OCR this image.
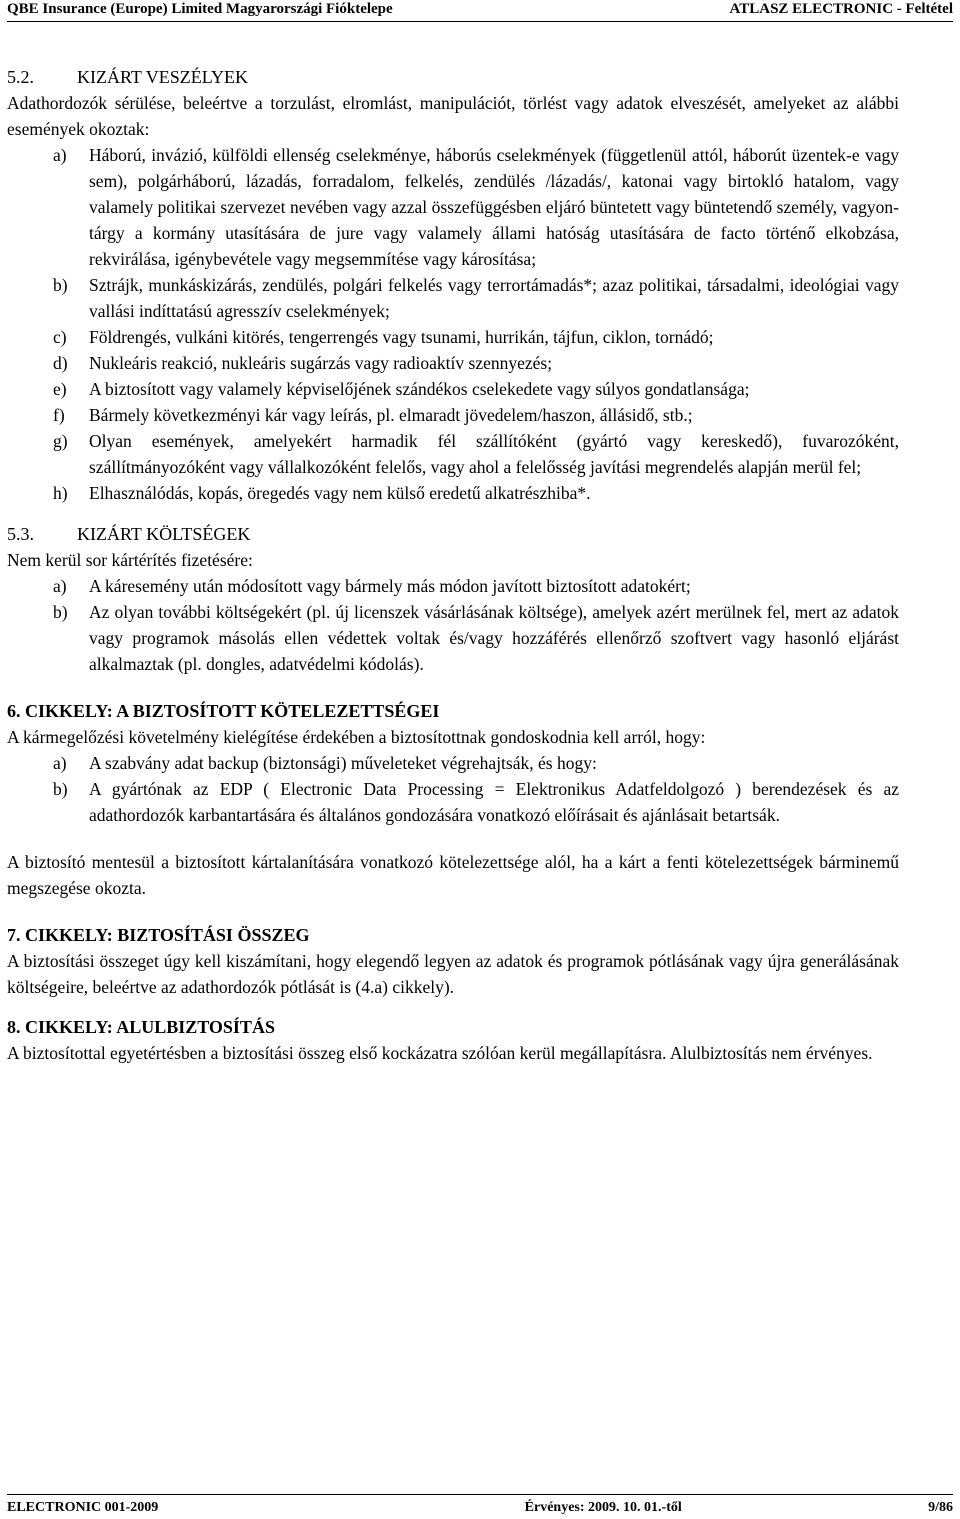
QBE Insurance (Europe) Limited Magyarországi Fióktelepe	ATLASZ ELECTRONIC - Feltétel
5.2.	KIZÁRT VESZÉLYEK

Adathordozók sérülése, beleértve a torzulást, elromlást, manipulációt, törlést vagy adatok elveszését, amelyeket az alábbi események okoztak:

a) Háború, invázió, külföldi ellenség cselekménye, háborús cselekmények (függetlenül attól, háborút üzentek-e vagy sem), polgárháború, lázadás, forradalom, felkelés, zendülés /lázadás/, katonai vagy birtokló hatalom, vagy valamely politikai szervezet nevében vagy azzal összefüggésben eljáró büntetett vagy büntetendő személy, vagyon- tárgy a kormány utasítására de jure vagy valamely állami hatóság utasítására de facto történő elkobzása, rekvirálása, igénybevétele vagy megsemmítése vagy károsítása;
b) Sztrájk, munkáskizárás, zendülés, polgári felkelés vagy terrortámadás*; azaz politikai, társadalmi, ideológiai vagy vallási indíttatású agresszív cselekmények;
c) Földrengés, vulkáni kitörés, tengerrengés vagy tsunami, hurrikán, tájfun, ciklon, tornádó;
d) Nukleáris reakció, nukleáris sugárzás vagy radioaktív szennyezés;
e) A biztosított vagy valamely képviselőjének szándékos cselekedete vagy súlyos gondatlansága;
f) Bármely következményi kár vagy leírás, pl. elmaradt jövedelem/haszon, állásidő, stb.;
g) Olyan események, amelyekért harmadik fél szállítóként (gyártó vagy kereskedő), fuvarozóként, szállítmányozóként vagy vállalkozóként felelős, vagy ahol a felelősség javítási megrendelés alapján merül fel;
h) Elhasználódás, kopás, öregedés vagy nem külső eredetű alkatrészhiba*.
5.3.	KIZÁRT KÖLTSÉGEK

Nem kerül sor kártérítés fizetésére:

a) A káresemény után módosított vagy bármely más módon javított biztosított adatokért;
b) Az olyan további költségekért (pl. új licenszek vásárlásának költsége), amelyek azért merülnek fel, mert az adatok vagy programok másolás ellen védettek voltak és/vagy hozzáférés ellenőrző szoftvert vagy hasonló eljárást alkalmaztak (pl. dongles, adatvédelmi kódolás).
6. CIKKELY: A BIZTOSÍTOTT KÖTELEZETTSÉGEI

A kármegelőzési követelmény kielégítése érdekében a biztosítottnak gondoskodnia kell arról, hogy:

a) A szabvány adat backup (biztonsági) műveleteket végrehajtsák, és hogy:
b) A gyártónak az EDP ( Electronic Data Processing = Elektronikus Adatfeldolgozó ) berendezések és az adathordozók karbantartására és általános gondozására vonatkozó előírásait és ajánlásait betartsák.

A biztosító mentesül a biztosított kártalanítására vonatkozó kötelezettsége alól, ha a kárt a fenti kötelezettségek bárminemű megszegése okozta.

7. CIKKELY: BIZTOSÍTÁSI ÖSSZEG

A biztosítási összeget úgy kell kiszámítani, hogy elegendő legyen az adatok és programok pótlásának vagy újra generálásának költségeire, beleértve az adathordozók pótlását is (4.a) cikkely).

8. CIKKELY: ALULBIZTOSÍTÁS

A biztosítottal egyetértésben a biztosítási összeg első kockázatra szólóan kerül megállapításra. Alulbiztosítás nem érvényes.

ELECTRONIC 001-2009	Érvényes: 2009. 10. 01.-től	9/86
